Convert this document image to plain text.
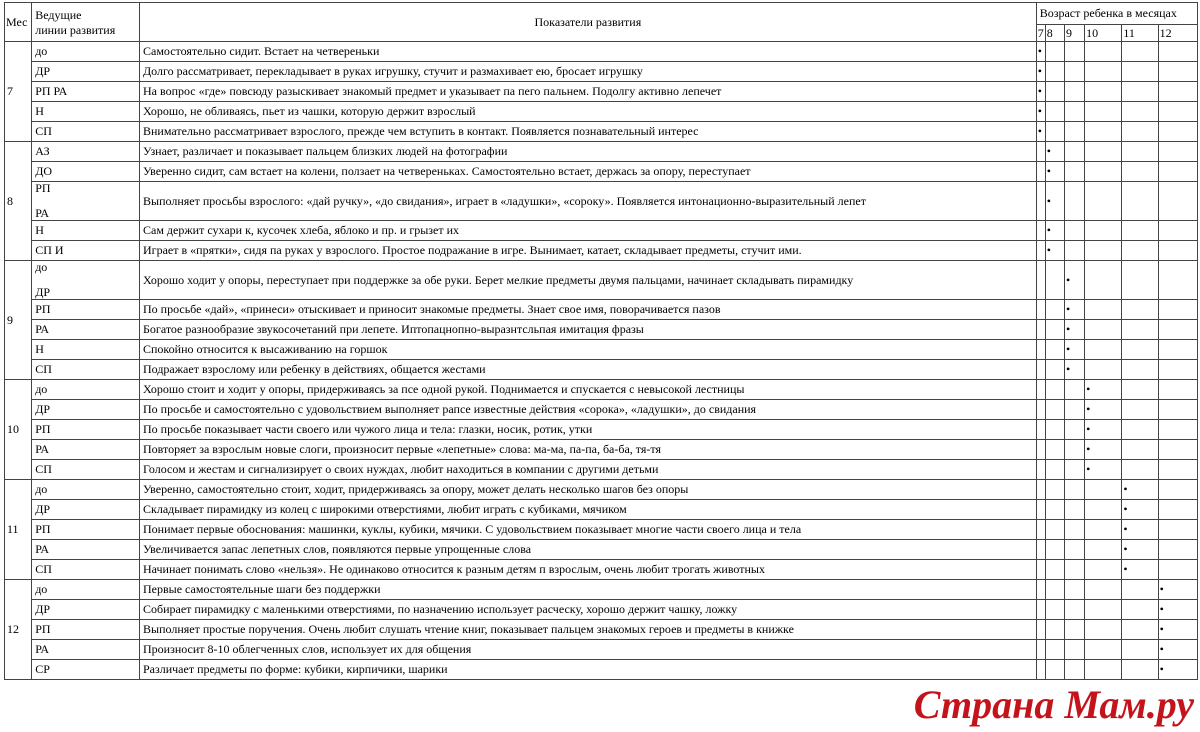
Мес	Ведущие
линии развития	Показатели развития	Возраст ребенка в месяцах					
			7	8	9	10	11	12
7	до	Самостоятельно сидит. Встает на четвереньки	•					

	ДР	Долго рассматривает, перекладывает в руках игрушку, стучит и размахивает ею, бросает игрушку	•					

	РП РА	На вопрос «где» повсюду разыскивает знакомый предмет и указывает па пего пальнем. Подолгу активно лепечет	•					

	Н	Хорошо, не обливаясь, пьет из чашки, которую держит взрослый	•					

	СП	Внимательно рассматривает взрослого, прежде чем вступить в контакт. Появляется познавательный интерес	•					
8	АЗ	Узнает, различает и показывает пальцем близких людей на фотографии		•				

	ДО	Уверенно сидит, сам встает на колени, ползает на четвереньках. Самостоятельно встает, держась за опору, переступает		•				

	РП
РА	Выполняет просьбы взрослого: «дай ручку», «до свидания», играет в «ладушки», «сороку». Появляется интонационно-выразительный лепет		•				

	Н	Сам держит сухари к, кусочек хлеба, яблоко и пр. и грызет их		•				

	СП И	Играет в «прятки», сидя па руках у взрослого. Простое подражание в игре. Вынимает, катает, складывает предметы, стучит ими.		•				
9	до
ДР	Хорошо ходит у опоры, переступает при поддержке за обе руки. Берет мелкие предметы двумя пальцами, начинает складывать пирамидку			•			

	РП	По просьбе «дай», «принеси» отыскивает и приносит знакомые предметы. Знает свое имя, поворачивается пазов			•			

	РА	Богатое разнообразие звукосочетаний при лепете. Иптопацнопно-выразнтсльпая имитация фразы			•			

	Н	Спокойно относится к высаживанию на горшок			•			

	СП	Подражает взрослому или ребенку в действиях, общается жестами			•			
10	до	Хорошо стоит и ходит у опоры, придерживаясь за пce одной рукой. Поднимается и спускается с невысокой лестницы				•		

	ДР	По просьбе и самостоятельно с удовольствием выполняет рапсе известные действия «сорока», «ладушки», до свидания				•		

	РП	По просьбе показывает части своего или чужого лица и тела: глазки, носик, ротик, утки				•		

	РА	Повторяет за взрослым новые слоги, произносит первые «лепетные» слова: ма-ма, па-па, ба-ба, тя-тя				•		

	СП	Голосом и жестам и сигнализирует о своих нуждах, любит находиться в компании с другими детьми				•		
11	до	Уверенно, самостоятельно стоит, ходит, придерживаясь за опору, может делать несколько шагов без опоры					•	

	ДР	Складывает пирамидку из колец с широкими отверстиями, любит играть с кубиками, мячиком					•	

	РП	Понимает первые обоснования: машинки, куклы, кубики, мячики. С удовольствием показывает многие части своего лица и тела					•	

	РА	Увеличивается запас лепетных слов, появляются первые упрощенные слова					•	

	СП	Начинает понимать слово «нельзя». Не одинаково относится к разным детям п взрослым, очень любит трогать животных					•	
12	до	Первые самостоятельные шаги без поддержки						•

	ДР	Собирает пирамидку с маленькими отверстиями, по назначению использует расческу, хорошо держит чашку, ложку						•

	РП	Выполняет простые поручения. Очень любит слушать чтение книг, показывает пальцем знакомых героев и предметы в книжке						•

	РА	Произносит 8-10 облегченных слов, использует их для общения						•

	СР	Различает предметы по форме: кубики, кирпичики, шарики						•
Страна Мам.ру
